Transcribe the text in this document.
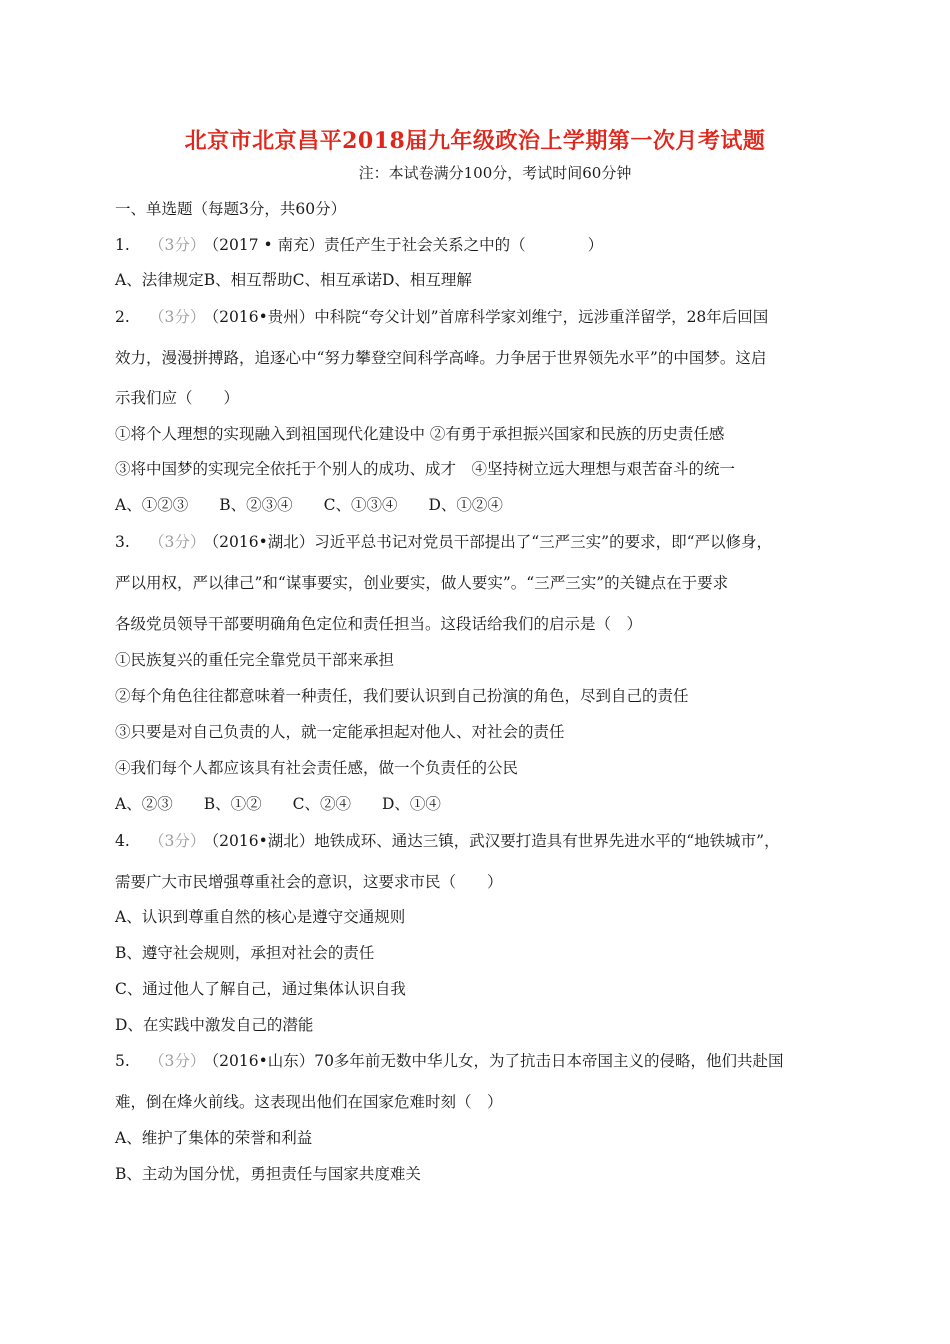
北京市北京昌平2018届九年级政治上学期第一次月考试题
注：本试卷满分100分，考试时间60分钟
一、单选题（每题3分，共60分）
1. （3分） （2017 • 南充）责任产生于社会关系之中的（　　　　）
A、法律规定B、相互帮助C、相互承诺D、相互理解
2. （3分） （2016•贵州）中科院“夸父计划”首席科学家刘维宁，远涉重洋留学，28年后回国
效力，漫漫拼搏路，追逐心中“努力攀登空间科学高峰。力争居于世界领先水平”的中国梦。这启
示我们应（　　）
①将个人理想的实现融入到祖国现代化建设中 ②有勇于承担振兴国家和民族的历史责任感
③将中国梦的实现完全依托于个别人的成功、成才　④坚持树立远大理想与艰苦奋斗的统一
A、①②③　　B、②③④　　C、①③④　　D、①②④
3. （3分） （2016•湖北）习近平总书记对党员干部提出了“三严三实”的要求，即“严以修身，
严以用权，严以律己”和“谋事要实，创业要实，做人要实”。“三严三实”的关键点在于要求
各级党员领导干部要明确角色定位和责任担当。这段话给我们的启示是（　）
①民族复兴的重任完全靠党员干部来承担
②每个角色往往都意味着一种责任，我们要认识到自己扮演的角色，尽到自己的责任
③只要是对自己负责的人，就一定能承担起对他人、对社会的责任
④我们每个人都应该具有社会责任感，做一个负责任的公民
A、②③　　B、①②　　C、②④　　D、①④
4. （3分） （2016•湖北）地铁成环、通达三镇，武汉要打造具有世界先进水平的“地铁城市”，
需要广大市民增强尊重社会的意识，这要求市民（　　）
A、认识到尊重自然的核心是遵守交通规则
B、遵守社会规则，承担对社会的责任
C、通过他人了解自己，通过集体认识自我
D、在实践中激发自己的潜能
5. （3分） （2016•山东）70多年前无数中华儿女，为了抗击日本帝国主义的侵略，他们共赴国
难，倒在烽火前线。这表现出他们在国家危难时刻（　）
A、维护了集体的荣誉和利益
B、主动为国分忧，勇担责任与国家共度难关
